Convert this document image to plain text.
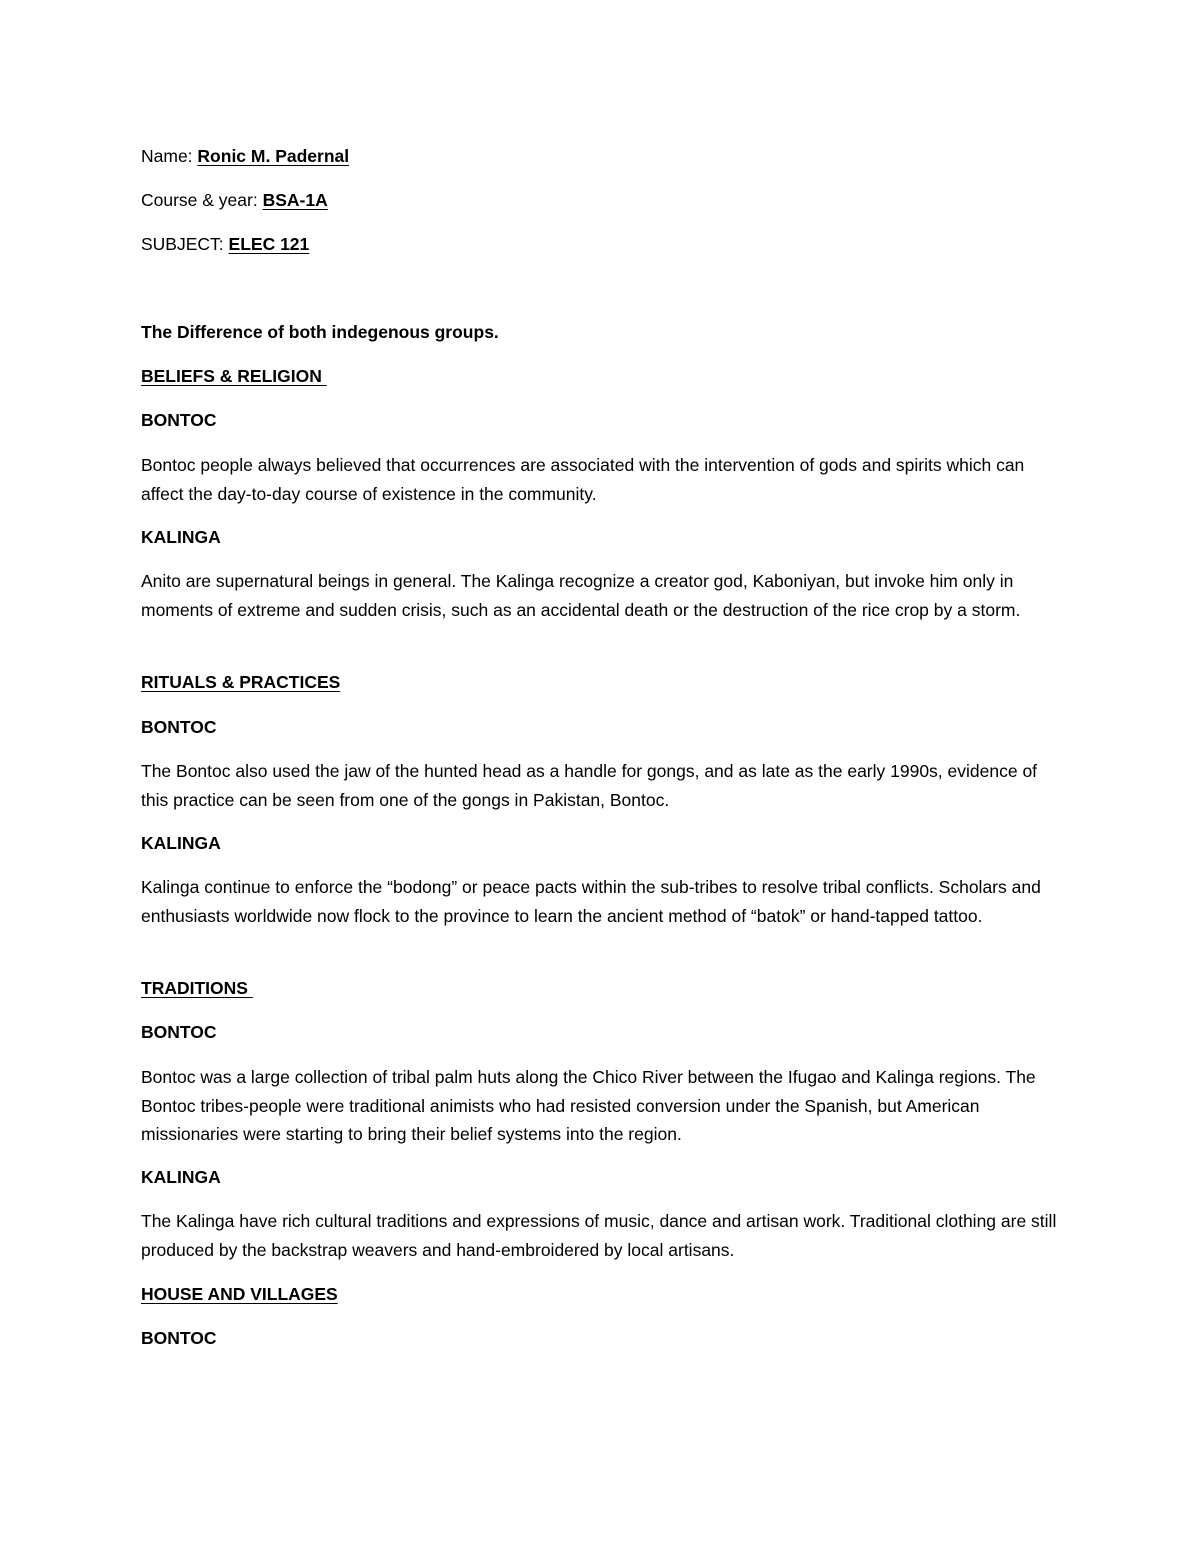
Name: Ronic M. Padernal
Course & year: BSA-1A
SUBJECT: ELEC 121
The Difference of both indegenous groups.
BELIEFS & RELIGION
BONTOC
Bontoc people always believed that occurrences are associated with the intervention of gods and spirits which can affect the day-to-day course of existence in the community.
KALINGA
Anito are supernatural beings in general. The Kalinga recognize a creator god, Kaboniyan, but invoke him only in moments of extreme and sudden crisis, such as an accidental death or the destruction of the rice crop by a storm.
RITUALS & PRACTICES
BONTOC
The Bontoc also used the jaw of the hunted head as a handle for gongs, and as late as the early 1990s, evidence of this practice can be seen from one of the gongs in Pakistan, Bontoc.
KALINGA
Kalinga continue to enforce the “bodong” or peace pacts within the sub-tribes to resolve tribal conflicts. Scholars and enthusiasts worldwide now flock to the province to learn the ancient method of “batok” or hand-tapped tattoo.
TRADITIONS
BONTOC
Bontoc was a large collection of tribal palm huts along the Chico River between the Ifugao and Kalinga regions. The Bontoc tribes-people were traditional animists who had resisted conversion under the Spanish, but American missionaries were starting to bring their belief systems into the region.
KALINGA
The Kalinga have rich cultural traditions and expressions of music, dance and artisan work. Traditional clothing are still produced by the backstrap weavers and hand-embroidered by local artisans.
HOUSE AND VILLAGES
BONTOC
